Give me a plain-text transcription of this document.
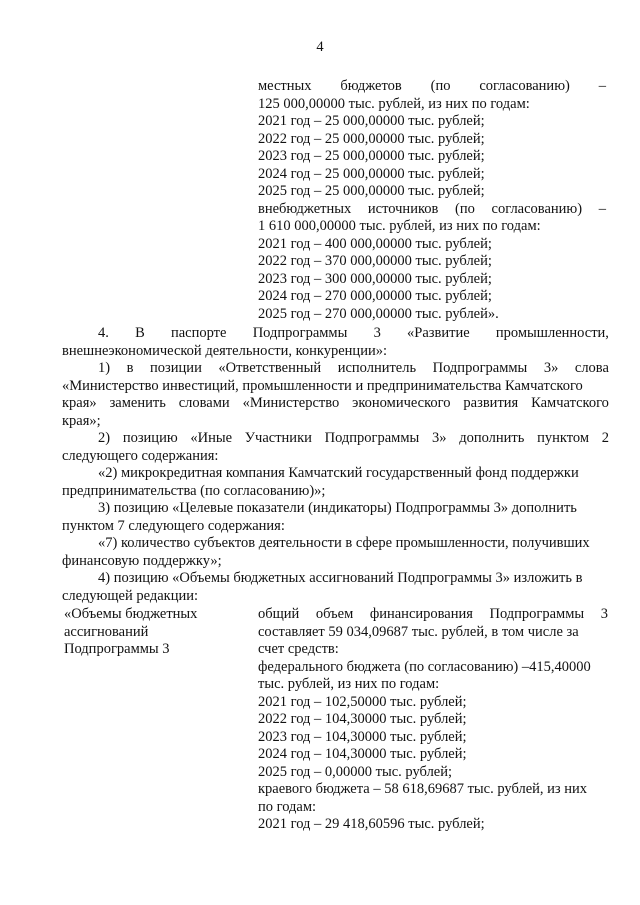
4
местных бюджетов (по согласованию) –
125 000,00000 тыс. рублей, из них по годам:
2021 год – 25 000,00000 тыс. рублей;
2022 год – 25 000,00000 тыс. рублей;
2023 год – 25 000,00000 тыс. рублей;
2024 год – 25 000,00000 тыс. рублей;
2025 год – 25 000,00000 тыс. рублей;
внебюджетных источников (по согласованию) –
1 610 000,00000 тыс. рублей, из них по годам:
2021 год – 400 000,00000 тыс. рублей;
2022 год – 370 000,00000 тыс. рублей;
2023 год – 300 000,00000 тыс. рублей;
2024 год – 270 000,00000 тыс. рублей;
2025 год – 270 000,00000 тыс. рублей».
4. В паспорте Подпрограммы 3 «Развитие промышленности,
внешнеэкономической деятельности, конкуренции»:
1) в позиции «Ответственный исполнитель Подпрограммы 3» слова
«Министерство инвестиций, промышленности и предпринимательства Камчатского
края» заменить словами «Министерство экономического развития Камчатского
края»;
2) позицию «Иные Участники Подпрограммы 3» дополнить пунктом 2
следующего содержания:
«2) микрокредитная компания Камчатский государственный фонд поддержки
предпринимательства (по согласованию)»;
3) позицию «Целевые показатели (индикаторы) Подпрограммы 3» дополнить
пунктом 7 следующего содержания:
«7) количество субъектов деятельности в сфере промышленности, получивших
финансовую поддержку»;
4) позицию «Объемы бюджетных ассигнований Подпрограммы 3» изложить в
следующей редакции:
«Объемы бюджетных
ассигнований
Подпрограммы 3
общий объем финансирования Подпрограммы 3
составляет 59 034,09687 тыс. рублей, в том числе за
счет средств:
федерального бюджета (по согласованию) –415,40000
тыс. рублей, из них по годам:
2021 год – 102,50000 тыс. рублей;
2022 год – 104,30000 тыс. рублей;
2023 год – 104,30000 тыс. рублей;
2024 год – 104,30000 тыс. рублей;
2025 год – 0,00000 тыс. рублей;
краевого бюджета – 58 618,69687 тыс. рублей, из них
по годам:
2021 год – 29 418,60596 тыс. рублей;
